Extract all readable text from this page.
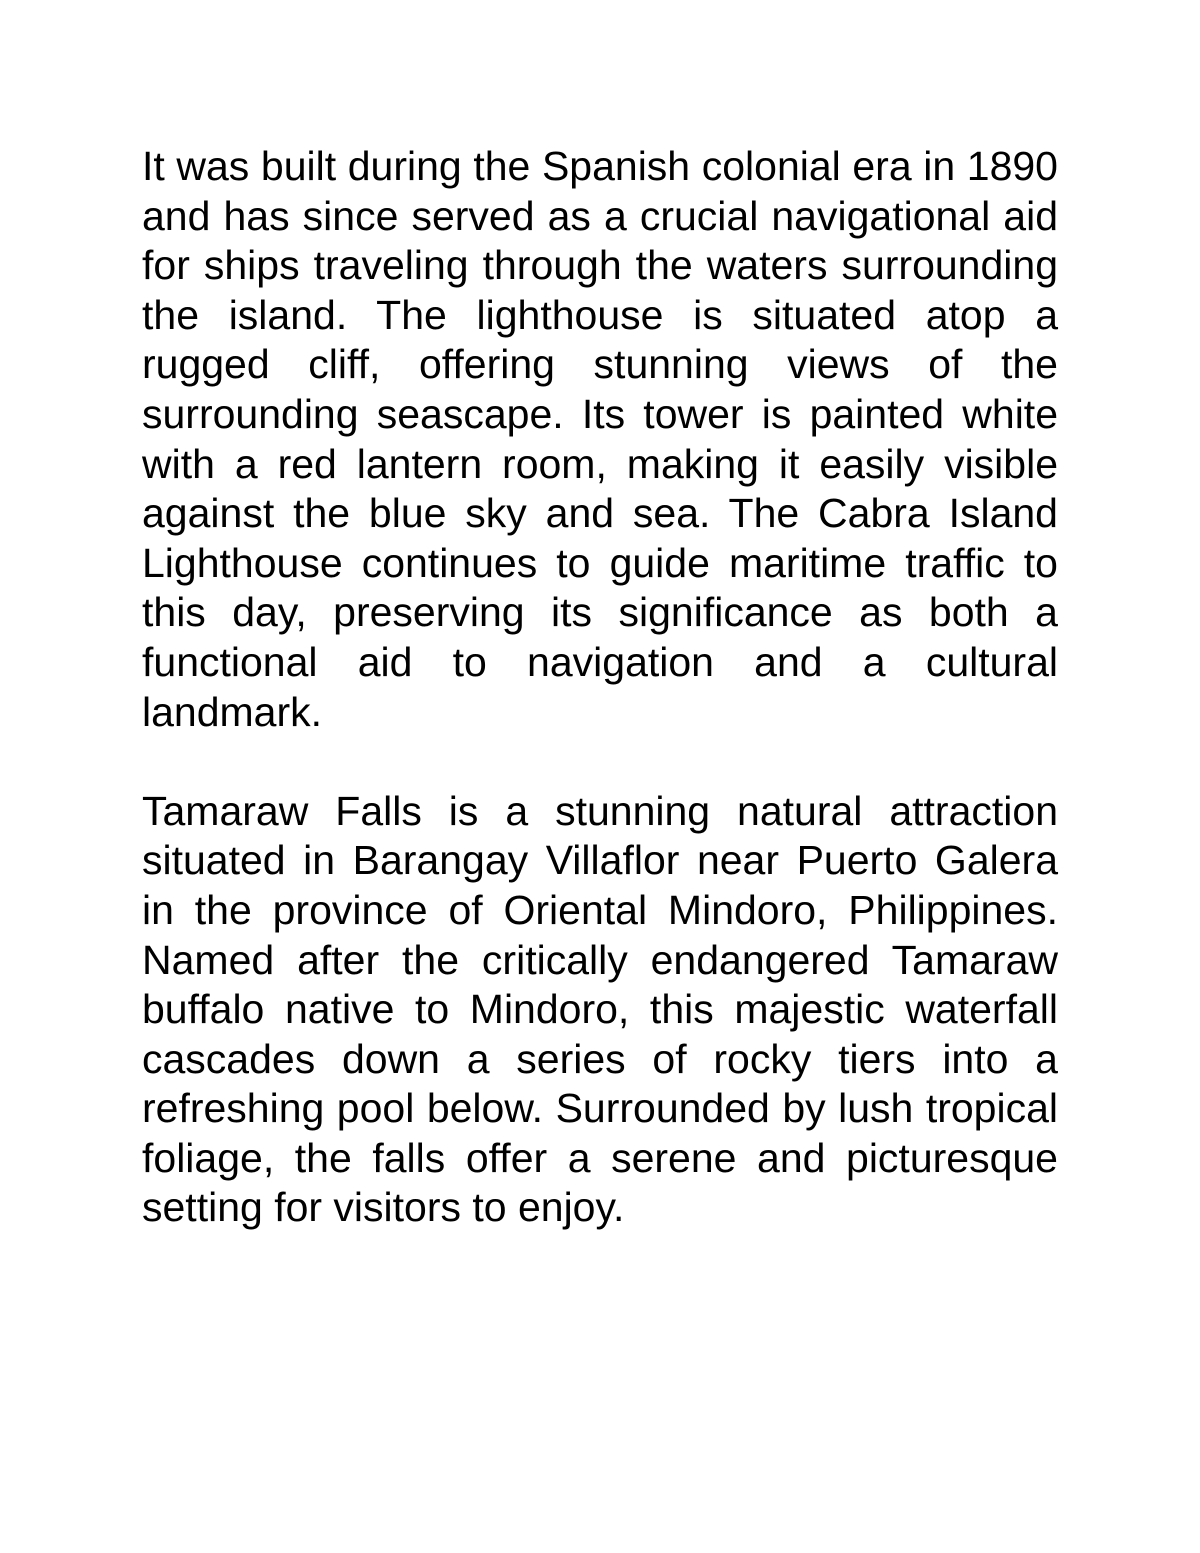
It was built during the Spanish colonial era in 1890 and has since served as a crucial navigational aid for ships traveling through the waters surrounding the island. The lighthouse is situated atop a rugged cliff, offering stunning views of the surrounding seascape. Its tower is painted white with a red lantern room, making it easily visible against the blue sky and sea. The Cabra Island Lighthouse continues to guide maritime traffic to this day, preserving its significance as both a functional aid to navigation and a cultural landmark.

Tamaraw Falls is a stunning natural attraction situated in Barangay Villaflor near Puerto Galera in the province of Oriental Mindoro, Philippines. Named after the critically endangered Tamaraw buffalo native to Mindoro, this majestic waterfall cascades down a series of rocky tiers into a refreshing pool below. Surrounded by lush tropical foliage, the falls offer a serene and picturesque setting for visitors to enjoy.
